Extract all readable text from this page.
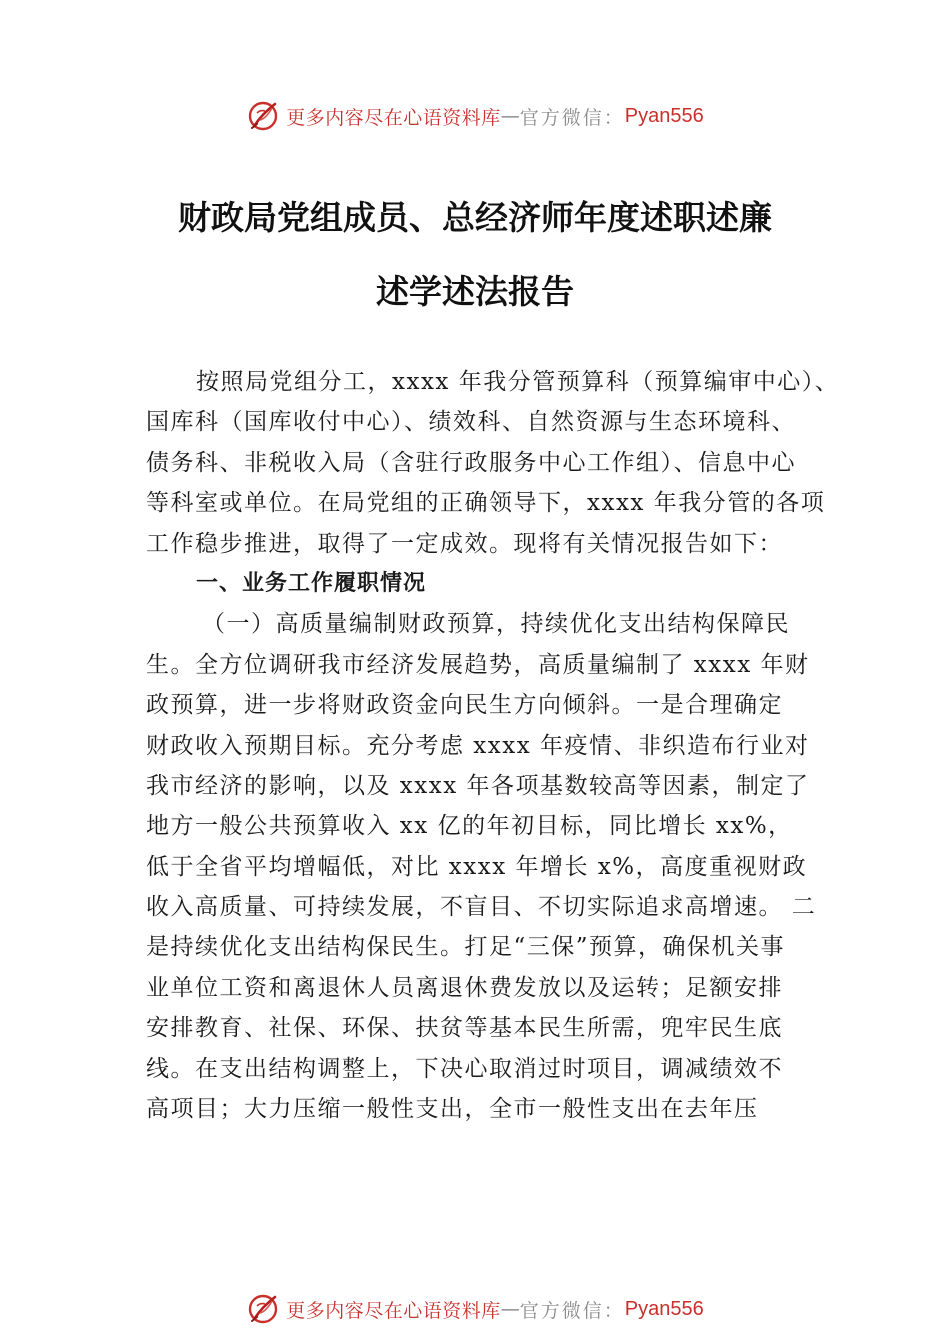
更多内容尽在心语资料库 — 官方微信： Pyan556
财政局党组成员、总经济师年度述职述廉
述学述法报告
按照局党组分工，xxxx 年我分管预算科（预算编审中心）、
国库科（国库收付中心）、绩效科、自然资源与生态环境科、
债务科、非税收入局（含驻行政服务中心工作组）、信息中心
等科室或单位。在局党组的正确领导下，xxxx 年我分管的各项
工作稳步推进，取得了一定成效。现将有关情况报告如下：
一、业务工作履职情况
（一）高质量编制财政预算，持续优化支出结构保障民
生。全方位调研我市经济发展趋势，高质量编制了 xxxx 年财
政预算，进一步将财政资金向民生方向倾斜。一是合理确定
财政收入预期目标。充分考虑 xxxx 年疫情、非织造布行业对
我市经济的影响，以及 xxxx 年各项基数较高等因素，制定了
地方一般公共预算收入 xx 亿的年初目标，同比增长 xx%，
低于全省平均增幅低，对比 xxxx 年增长 x%，高度重视财政
收入高质量、可持续发展，不盲目、不切实际追求高增速。 二
是持续优化支出结构保民生。打足“三保”预算，确保机关事
业单位工资和离退休人员离退休费发放以及运转；足额安排
安排教育、社保、环保、扶贫等基本民生所需，兜牢民生底
线。在支出结构调整上，下决心取消过时项目，调减绩效不
高项目；大力压缩一般性支出，全市一般性支出在去年压
更多内容尽在心语资料库 — 官方微信： Pyan556
